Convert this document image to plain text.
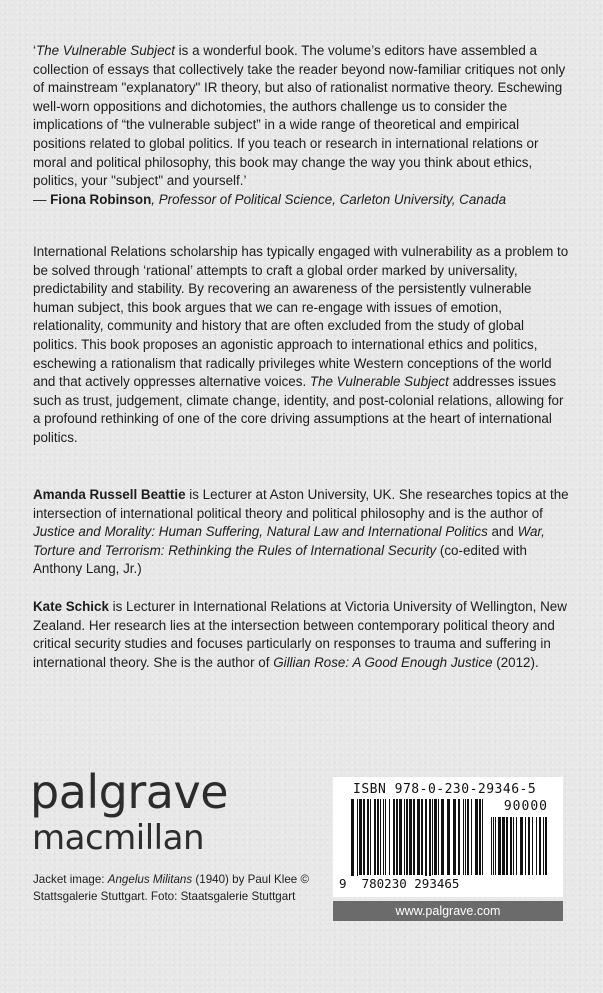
‘The Vulnerable Subject is a wonderful book. The volume’s editors have assembled a collection of essays that collectively take the reader beyond now-familiar critiques not only of mainstream "explanatory" IR theory, but also of rationalist normative theory. Eschewing well-worn oppositions and dichotomies, the authors challenge us to consider the implications of “the vulnerable subject” in a wide range of theoretical and empirical positions related to global politics. If you teach or research in international relations or moral and political philosophy, this book may change the way you think about ethics, politics, your "subject" and yourself.’
— Fiona Robinson, Professor of Political Science, Carleton University, Canada

International Relations scholarship has typically engaged with vulnerability as a problem to be solved through ‘rational’ attempts to craft a global order marked by universality, predictability and stability. By recovering an awareness of the persistently vulnerable human subject, this book argues that we can re-engage with issues of emotion, relationality, community and history that are often excluded from the study of global politics. This book proposes an agonistic approach to international ethics and politics, eschewing a rationalism that radically privileges white Western conceptions of the world and that actively oppresses alternative voices. The Vulnerable Subject addresses issues such as trust, judgement, climate change, identity, and post-colonial relations, allowing for a profound rethinking of one of the core driving assumptions at the heart of international politics.

Amanda Russell Beattie is Lecturer at Aston University, UK. She researches topics at the intersection of international political theory and political philosophy and is the author of Justice and Morality: Human Suffering, Natural Law and International Politics and War, Torture and Terrorism: Rethinking the Rules of International Security (co-edited with Anthony Lang, Jr.)

Kate Schick is Lecturer in International Relations at Victoria University of Wellington, New Zealand. Her research lies at the intersection between contemporary political theory and critical security studies and focuses particularly on responses to trauma and suffering in international theory. She is the author of Gillian Rose: A Good Enough Justice (2012).

palgrave
macmillan
Jacket image: Angelus Militans (1940) by Paul Klee © Stattsgalerie Stuttgart. Foto: Staatsgalerie Stuttgart
ISBN 978-0-230-29346-5
90000
9 780230 293465
www.palgrave.com
